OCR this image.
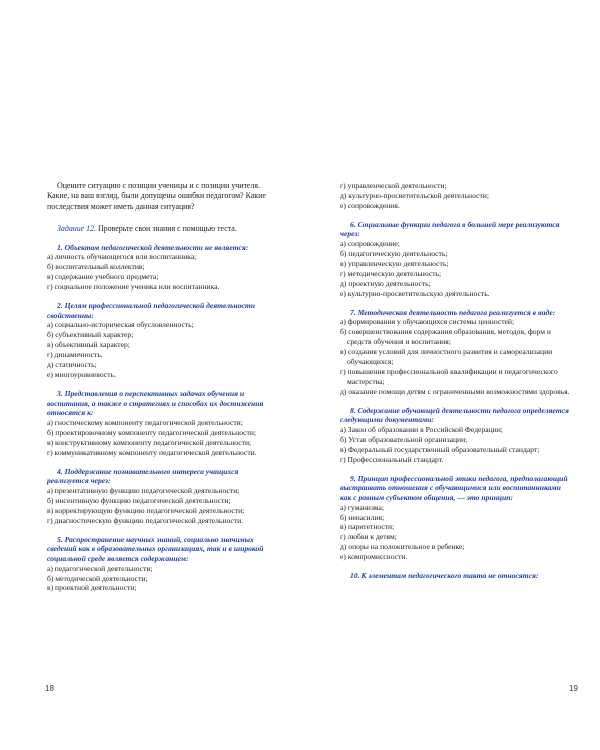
Оцените ситуацию с позиции ученицы и с позиции учителя. Какие, на ваш взгляд, были допущены ошибки педагогом? Какие последствия может иметь данная ситуация?

Задание 12. Проверьте свои знания с помощью теста.

1. Объектом педагогической деятельности не является:

а) личность обучающегося или воспитанника;

б) воспитательный коллектив;

в) содержание учебного предмета;

г) социальное положение ученика или воспитанника.

2. Целям профессиональной педагогической деятельности свойственны:

а) социально-историческая обусловленность;

б) субъективный характер;

в) объективный характер;

г) динамичность.

д) статичность;

е) многоуровневость.

3. Представления о перспективных задачах обучения и воспитания, а также о стратегиях и способах их достижения относятся к:

а) гностическому компоненту педагогической деятельности;

б) проектировочному компоненту педагогической деятельности;

в) конструктивному компоненту педагогической деятельности;

г) коммуникативному компоненту педагогической деятельности.

4. Поддержание познавательного интереса учащихся реализуется через:

а) презентативную функцию педагогической деятельности;

б) инсентивную функцию педагогической деятельности;

в) корректирующую функцию педагогической деятельности;

г) диагностическую функцию педагогической деятельности.

5. Распространение научных знаний, социально значимых сведений как в образовательных организациях, так и в широкой социальной среде является содержанием:

а) педагогической деятельности;

б) методической деятельности;

в) проектной деятельности;

18

г) управленческой деятельности;

д) культурно-просветительской деятельности;

е) сопровождения.

6. Социальные функции педагога в большей мере реализуются через:

а) сопровождение;

б) педагогическую деятельность;

в) управленческую деятельность;

г) методическую деятельность;

д) проектную деятельность;

е) культурно-просветительскую деятельность.

7. Методическая деятельность педагога реализуется в виде:

а) формирования у обучающихся системы ценностей;

б) совершенствования содержания образования, методов, форм и средств обучения и воспитания;

в) создания условий для личностного развития и самореализации обучающихся;

г) повышения профессиональной квалификации и педагогического мастерства;

д) оказание помощи детям с ограниченными возможностями здоровья.

8. Содержание обучающей деятельности педагога определяется следующими документами:

а) Закон об образовании в Российской Федерации;

б) Устав образовательной организации;

в) Федеральный государственный образовательный стандарт;

г) Профессиональный стандарт.

9. Принцип профессиональной этики педагога, предполагающий выстраивать отношения с обучающимися или воспитанниками как с равным субъектом общения, — это принцип:

а) гуманизма;

б) ненасилия;

в) паритетности;

г) любви к детям;

д) опоры на положительное в ребенке;

е) компромиссности.

10. К элементам педагогического такта не относятся:

19
